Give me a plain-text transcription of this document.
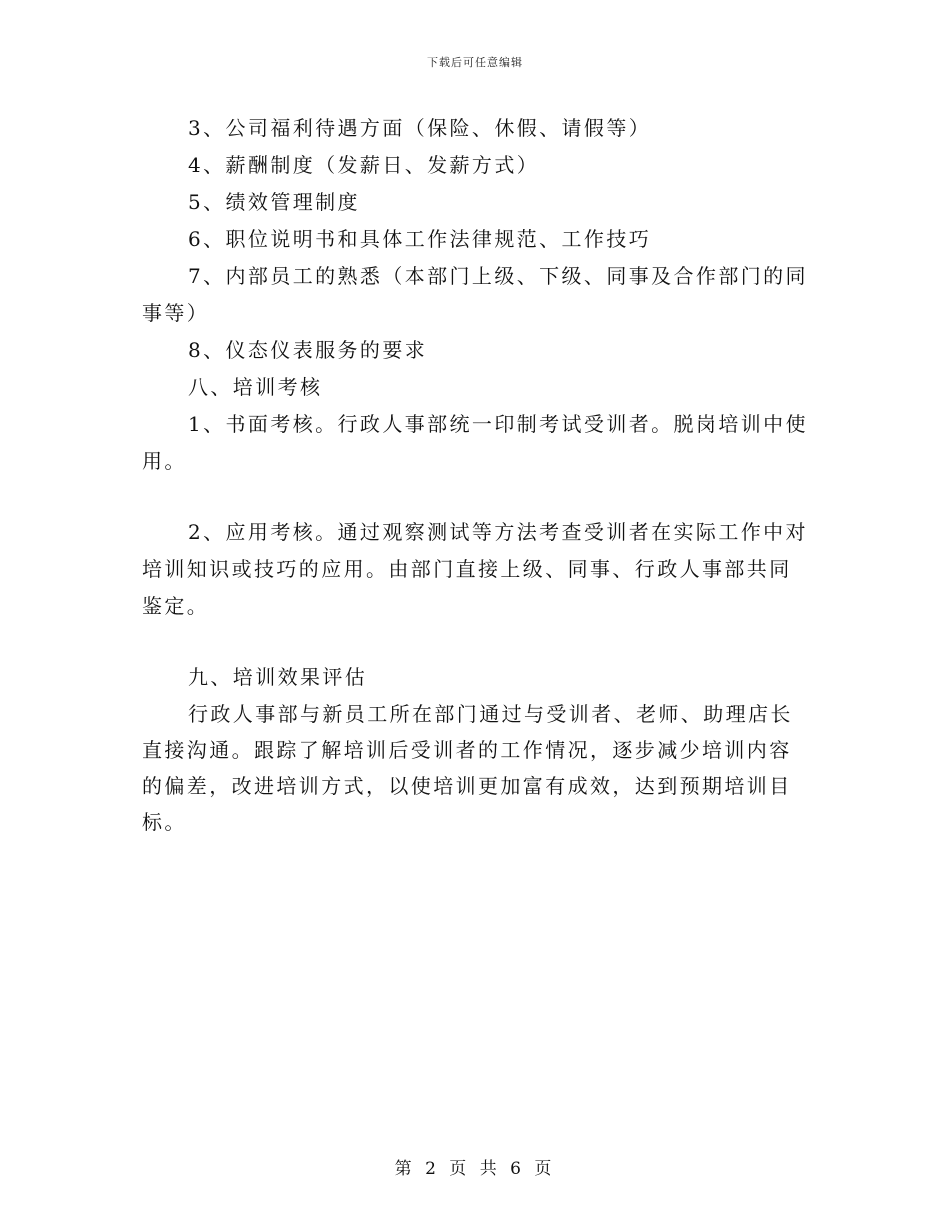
下载后可任意编辑

3、公司福利待遇方面（保险、休假、请假等）

4、薪酬制度（发薪日、发薪方式）

5、绩效管理制度

6、职位说明书和具体工作法律规范、工作技巧

7、内部员工的熟悉（本部门上级、下级、同事及合作部门的同事等）

8、仪态仪表服务的要求

八、培训考核

1、书面考核。行政人事部统一印制考试受训者。脱岗培训中使用。

2、应用考核。通过观察测试等方法考查受训者在实际工作中对培训知识或技巧的应用。由部门直接上级、同事、行政人事部共同鉴定。

九、培训效果评估

行政人事部与新员工所在部门通过与受训者、老师、助理店长直接沟通。跟踪了解培训后受训者的工作情况，逐步减少培训内容的偏差，改进培训方式，以使培训更加富有成效，达到预期培训目标。

第 2 页 共 6 页
